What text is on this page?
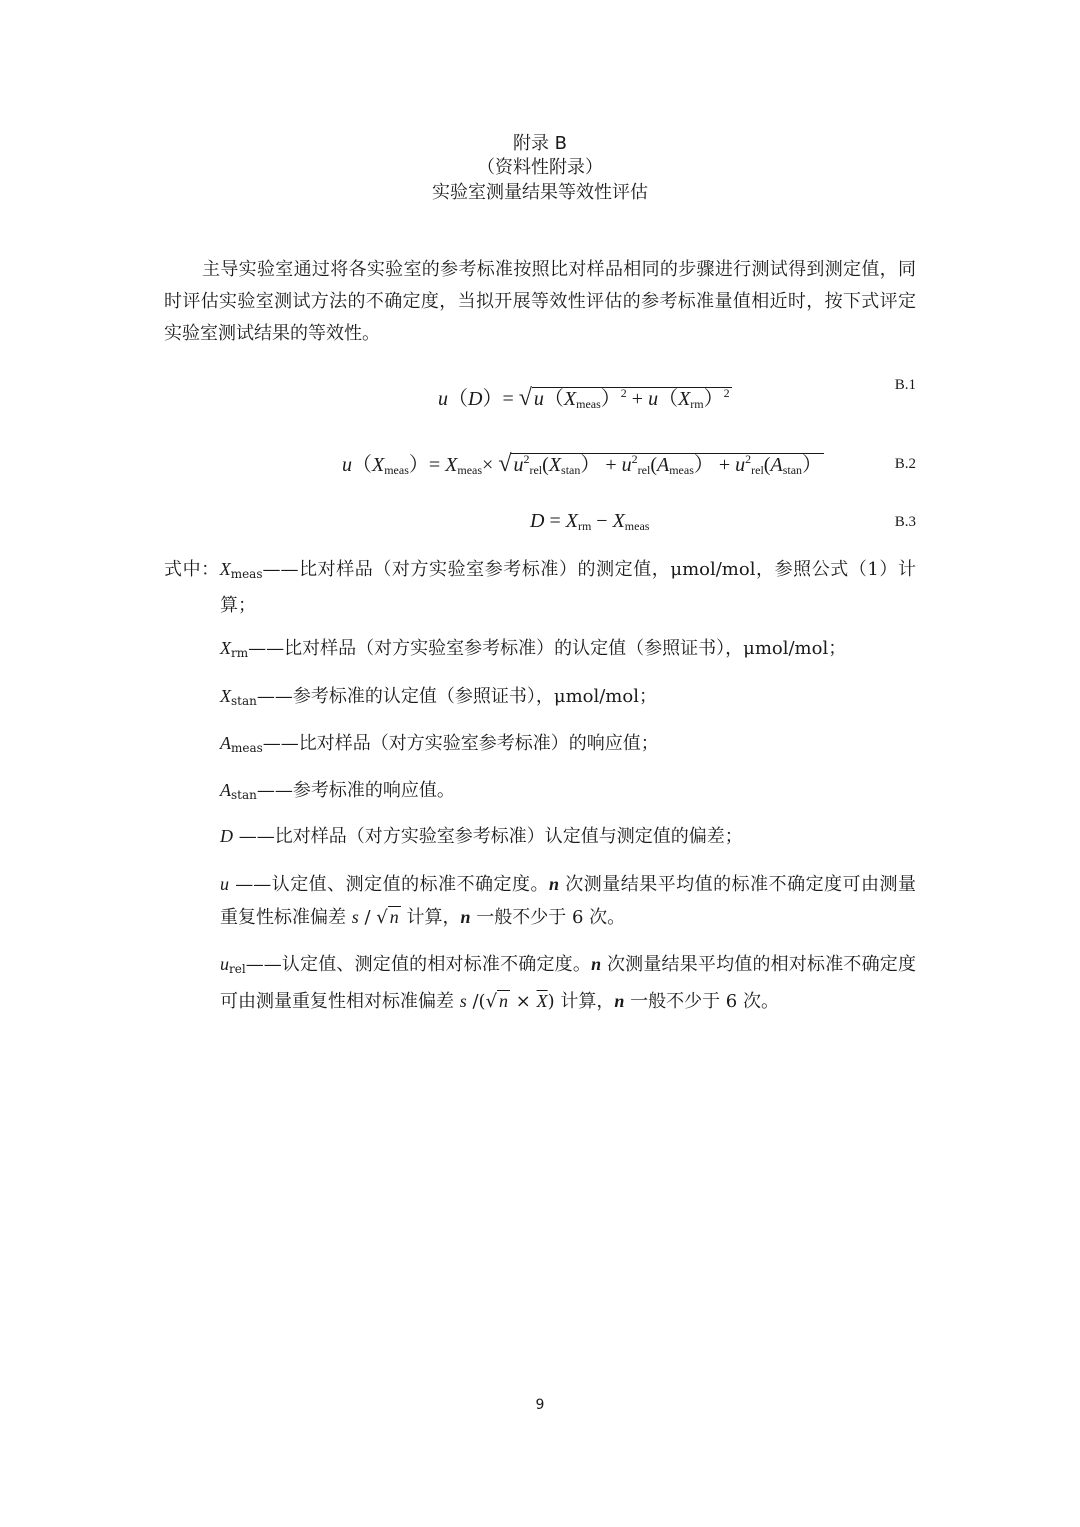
附录 B
（资料性附录）
实验室测量结果等效性评估
主导实验室通过将各实验室的参考标准按照比对样品相同的步骤进行测试得到测定值，同时评估实验室测试方法的不确定度，当拟开展等效性评估的参考标准量值相近时，按下式评定实验室测试结果的等效性。
u（D）= √ $u(X_{meas})^2 + u(X_{rm})^2$	B.1
$u(X_{meas})= X_{meas}\times$ √ $u^2_{rel}(X_{stan}) + u^2_{rel}(A_{meas}) + u^2_{rel}(A_{stan})$	B.2
$D = X_{rm} - X_{meas}$	B.3
式中：$X_{meas}——$比对样品（对方实验室参考标准）的测定值，μmol/mol，参照公式（1）计算；
$X_{rm}——$比对样品（对方实验室参考标准）的认定值（参照证书），μmol/mol；
$X_{stan}——$参考标准的认定值（参照证书），μmol/mol；
$A_{meas}——$比对样品（对方实验室参考标准）的响应值；
$A_{stan}——$参考标准的响应值。
D ——比对样品（对方实验室参考标准）认定值与测定值的偏差；
u ——认定值、测定值的标准不确定度。n 次测量结果平均值的标准不确定度可由测量重复性标准偏差 s / √ n 计算，n 一般不少于 6 次。
$u_{rel}——$认定值、测定值的相对标准不确定度。n 次测量结果平均值的相对标准不确定度可由测量重复性相对标准偏差 s /(√ $n \times \overline{X}$) 计算，n 一般不少于 6 次。
9
